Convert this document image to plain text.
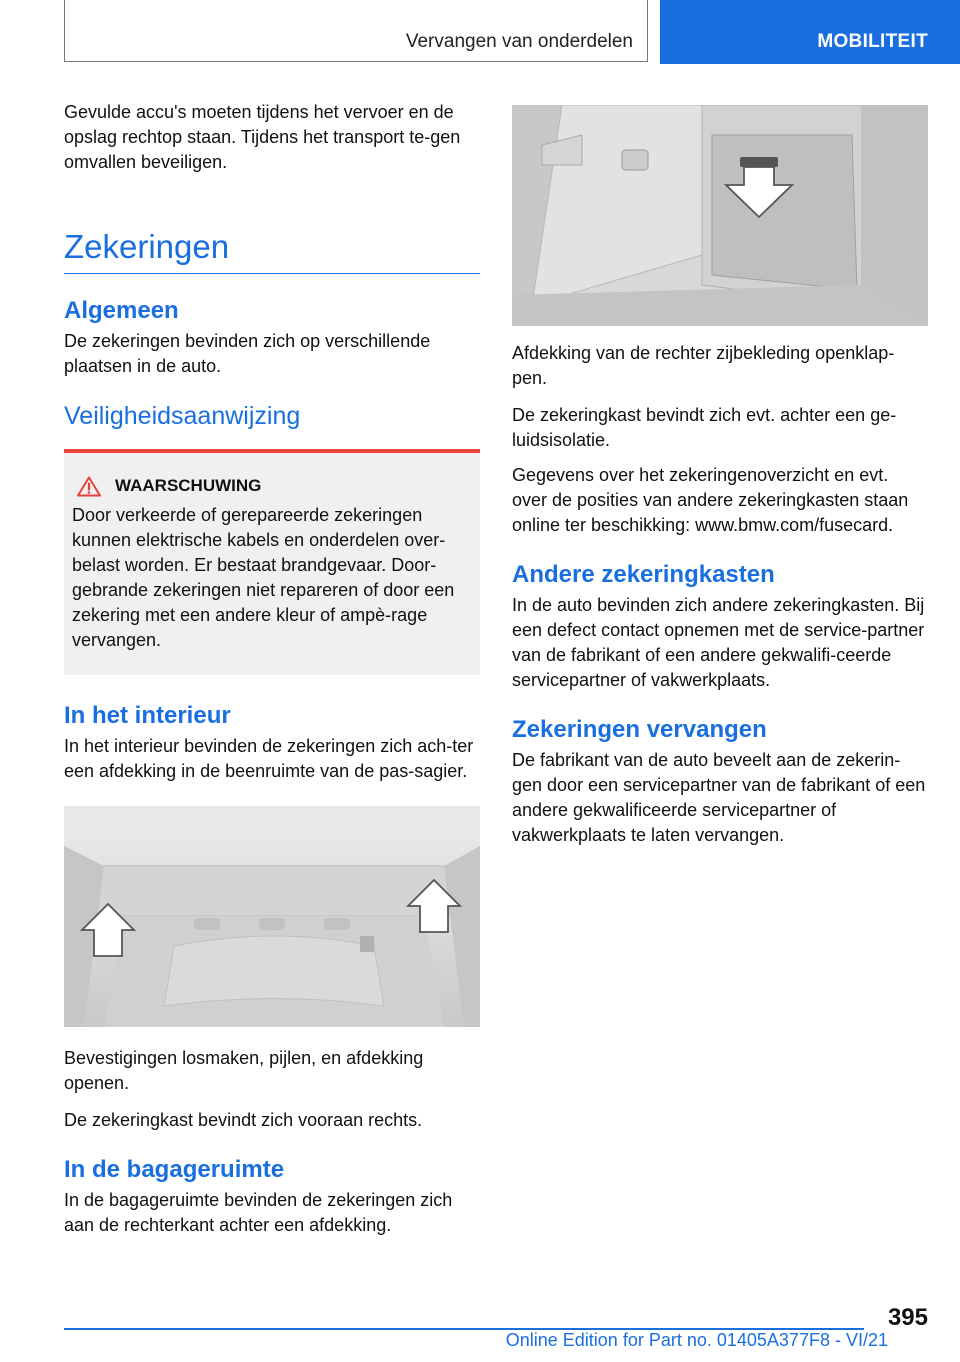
Vervangen van onderdelen	MOBILITEIT

Gevulde accu's moeten tijdens het vervoer en de opslag rechtop staan. Tijdens het transport te-gen omvallen beveiligen.

Zekeringen
Algemeen

De zekeringen bevinden zich op verschillende plaatsen in de auto.

Veiligheidsaanwijzing
WAARSCHUWING

Door verkeerde of gerepareerde zekeringen kunnen elektrische kabels en onderdelen over-belast worden. Er bestaat brandgevaar. Door-gebrande zekeringen niet repareren of door een zekering met een andere kleur of ampè-rage vervangen.

In het interieur

In het interieur bevinden de zekeringen zich ach-ter een afdekking in de beenruimte van de pas-sagier.

Bevestigingen losmaken, pijlen, en afdekking openen.

De zekeringkast bevindt zich vooraan rechts.

In de bagageruimte

In de bagageruimte bevinden de zekeringen zich aan de rechterkant achter een afdekking.

Afdekking van de rechter zijbekleding openklap-pen.

De zekeringkast bevindt zich evt. achter een ge-luidsisolatie.

Gegevens over het zekeringenoverzicht en evt. over de posities van andere zekeringkasten staan online ter beschikking: www.bmw.com/fusecard.

Andere zekeringkasten

In de auto bevinden zich andere zekeringkasten. Bij een defect contact opnemen met de service-partner van de fabrikant of een andere gekwalifi-ceerde servicepartner of vakwerkplaats.

Zekeringen vervangen

De fabrikant van de auto beveelt aan de zekerin-gen door een servicepartner van de fabrikant of een andere gekwalificeerde servicepartner of vakwerkplaats te laten vervangen.

395
Online Edition for Part no. 01405A377F8 - VI/21
